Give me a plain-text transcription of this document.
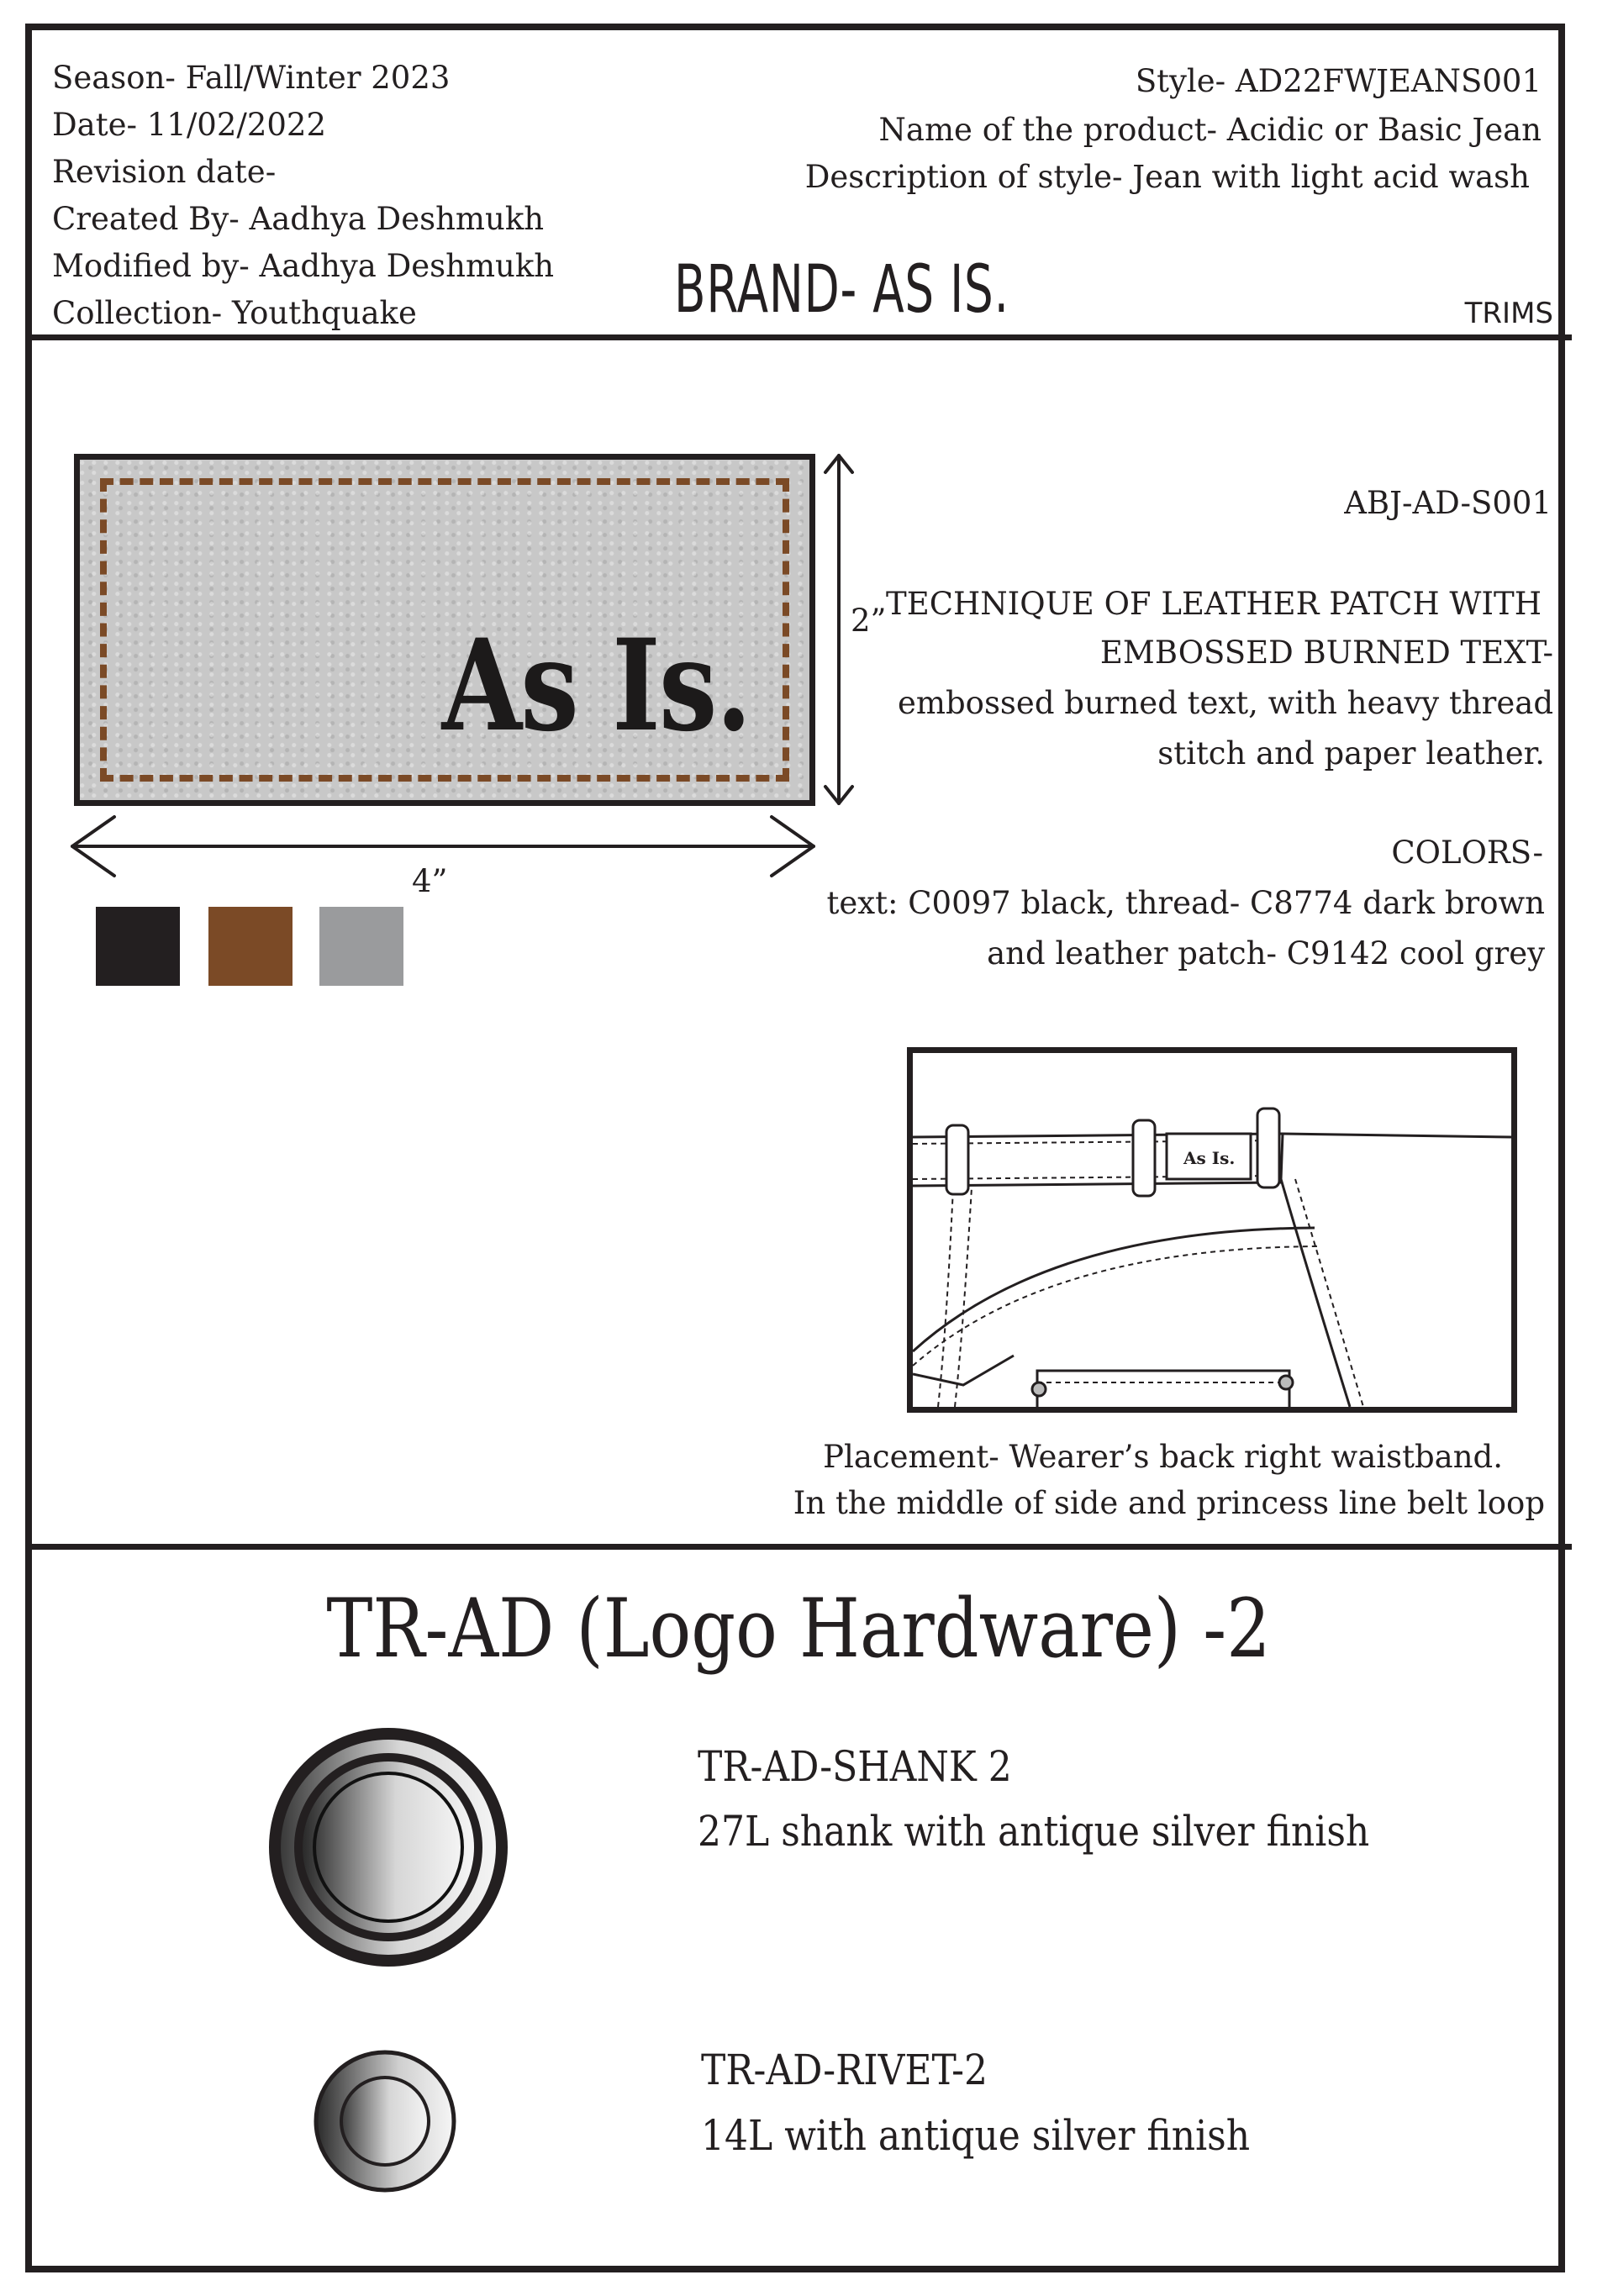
Season- Fall/Winter 2023
Date- 11/02/2022
Revision date-
Created By- Aadhya Deshmukh
Modified by- Aadhya Deshmukh
Collection- Youthquake
Style- AD22FWJEANS001
Name of the product- Acidic or Basic Jean
Description of style- Jean with light acid wash
BRAND- AS IS.	TRIMS
As Is.	2”
4”
ABJ-AD-S001
TECHNIQUE OF LEATHER PATCH WITH
EMBOSSED BURNED TEXT-
embossed burned text, with heavy thread
stitch and paper leather.
COLORS-
text: C0097 black, thread- C8774 dark brown
and leather patch- C9142 cool grey
As Is.
Placement- Wearer’s back right waistband.
In the middle of side and princess line belt loop
TR-AD (Logo Hardware) -2
TR-AD-SHANK 2
27L shank with antique silver finish
TR-AD-RIVET-2
14L with antique silver finish
